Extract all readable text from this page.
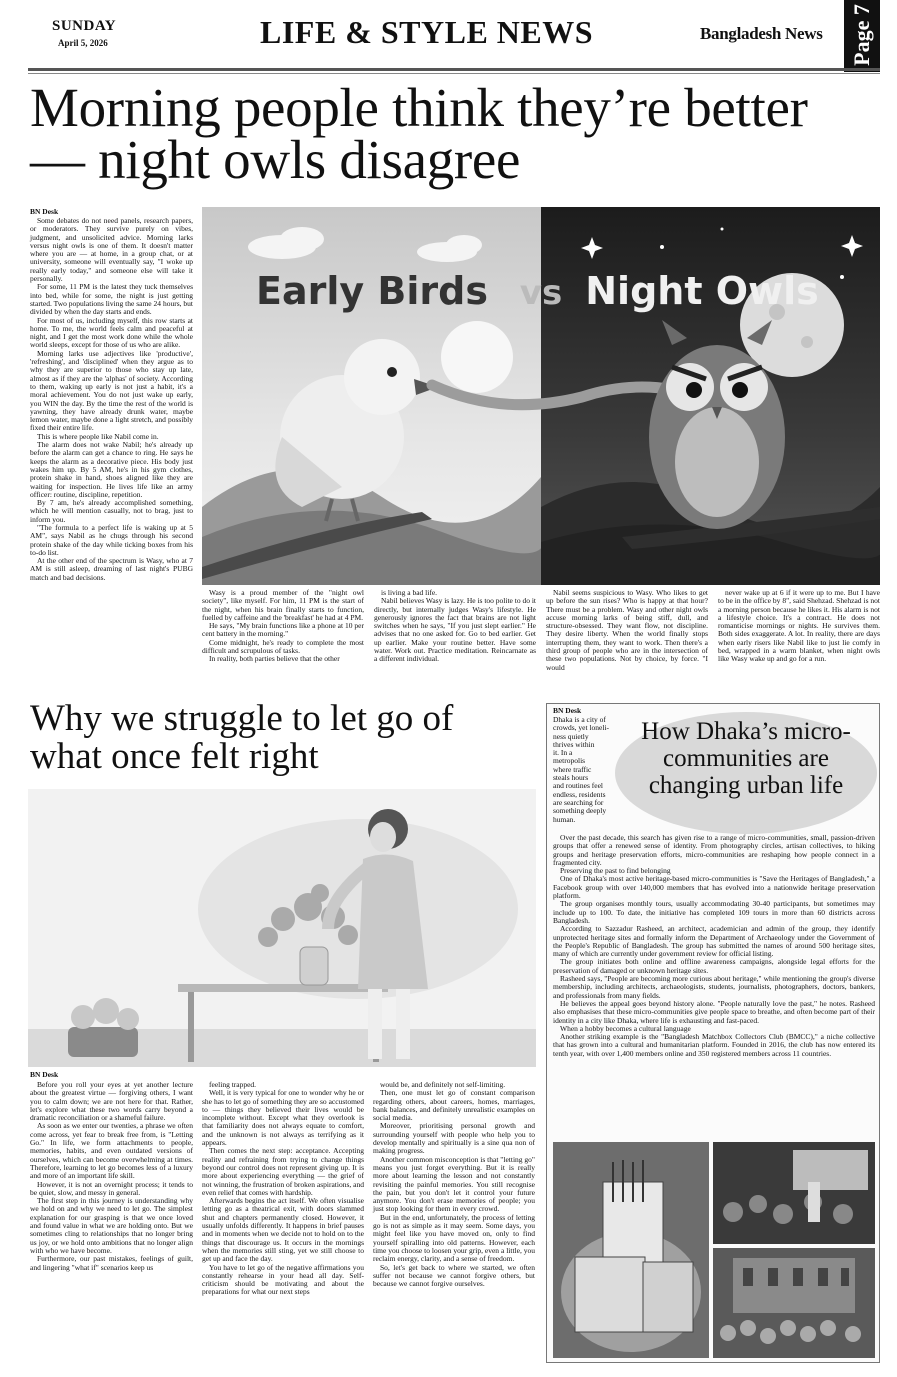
SUNDAY
April 5, 2026	LIFE & STYLE NEWS	Bangladesh News Page 7
Morning people think they’re better — night owls disagree
BN Desk

Some debates do not need panels, research papers, or moderators. They survive purely on vibes, judgment, and unsolicited advice. Morning larks versus night owls is one of them. It doesn't matter where you are — at home, in a group chat, or at university, someone will eventually say, "I woke up really early today," and someone else will take it personally.

For some, 11 PM is the latest they tuck themselves into bed, while for some, the night is just getting started. Two populations living the same 24 hours, but divided by when the day starts and ends.

For most of us, including myself, this row starts at home. To me, the world feels calm and peaceful at night, and I get the most work done while the whole world sleeps, except for those of us who are alike.

Morning larks use adjectives like 'productive', 'refreshing', and 'disciplined' when they argue as to why they are superior to those who stay up late, almost as if they are the 'alphas' of society. According to them, waking up early is not just a habit, it's a moral achievement. You do not just wake up early, you WIN the day. By the time the rest of the world is yawning, they have already drunk water, maybe lemon water, maybe done a light stretch, and possibly fixed their entire life.

This is where people like Nabil come in.

The alarm does not wake Nabil; he's already up before the alarm can get a chance to ring. He says he keeps the alarm as a decorative piece. His body just wakes him up. By 5 AM, he's in his gym clothes, protein shake in hand, shoes aligned like they are waiting for inspection. He lives life like an army officer: routine, discipline, repetition.

By 7 am, he's already accomplished something, which he will mention casually, not to brag, just to inform you.

"The formula to a perfect life is waking up at 5 AM", says Nabil as he chugs through his second protein shake of the day while ticking boxes from his to-do list.

At the other end of the spectrum is Wasy, who at 7 AM is still asleep, dreaming of last night's PUBG match and bad decisions.

Wasy is a proud member of the "night owl society", like myself. For him, 11 PM is the start of the night, when his brain finally starts to function, fuelled by caffeine and the 'breakfast' he had at 4 PM.

He says, "My brain functions like a phone at 10 per cent battery in the morning."

Come midnight, he's ready to complete the most difficult and scrupulous of tasks.

In reality, both parties believe that the other

is living a bad life.

Nabil believes Wasy is lazy. He is too polite to do it directly, but internally judges Wasy's lifestyle. He generously ignores the fact that brains are not light switches when he says, "If you just slept earlier." He advises that no one asked for. Go to bed earlier. Get up earlier. Make your routine better. Have some water. Work out. Practice meditation. Reincarnate as a different individual.

Nabil seems suspicious to Wasy. Who likes to get up before the sun rises? Who is happy at that hour? There must be a problem. Wasy and other night owls accuse morning larks of being stiff, dull, and structure-obsessed. They want flow, not discipline. They desire liberty. When the world finally stops interrupting them, they want to work. Then there's a third group of people who are in the intersection of these two populations. Not by choice, by force. "I would

never wake up at 6 if it were up to me. But I have to be in the office by 8", said Shehzad. Shehzad is not a morning person because he likes it. His alarm is not a lifestyle choice. It's a contract. He does not romanticise mornings or nights. He survives them. Both sides exaggerate. A lot. In reality, there are days when early risers like Nabil like to just lie comfy in bed, wrapped in a warm blanket, when night owls like Wasy wake up and go for a run.

Early Birds vs Night Owls
Why we struggle to let go of what once felt right
BN Desk

Before you roll your eyes at yet another lecture about the greatest virtue — forgiving others, I want you to calm down; we are not here for that. Rather, let's explore what these two words carry beyond a dramatic reconciliation or a shameful failure.

As soon as we enter our twenties, a phrase we often come across, yet fear to break free from, is "Letting Go." In life, we form attachments to people, memories, habits, and even outdated versions of ourselves, which can become overwhelming at times. Therefore, learning to let go becomes less of a luxury and more of an important life skill.

However, it is not an overnight process; it tends to be quiet, slow, and messy in general.

The first step in this journey is understanding why we hold on and why we need to let go. The simplest explanation for our grasping is that we once loved and found value in what we are holding onto. But we sometimes cling to relationships that no longer bring us joy, or we hold onto ambitions that no longer align with who we have become.

Furthermore, our past mistakes, feelings of guilt, and lingering "what if" scenarios keep us

feeling trapped.

Well, it is very typical for one to wonder why he or she has to let go of something they are so accustomed to — things they believed their lives would be incomplete without. Except what they overlook is that familiarity does not always equate to comfort, and the unknown is not always as terrifying as it appears.

Then comes the next step: acceptance. Accepting reality and refraining from trying to change things beyond our control does not represent giving up. It is more about experiencing everything — the grief of not winning, the frustration of broken aspirations, and even relief that comes with hardship.

Afterwards begins the act itself. We often visualise letting go as a theatrical exit, with doors slammed shut and chapters permanently closed. However, it usually unfolds differently. It happens in brief pauses and in moments when we decide not to hold on to the things that discourage us. It occurs in the mornings when the memories still sting, yet we still choose to get up and face the day.

You have to let go of the negative affirmations you constantly rehearse in your head all day. Self-criticism should be motivating and about the preparations for what our next steps

would be, and definitely not self-limiting.

Then, one must let go of constant comparison regarding others, about careers, homes, marriages, bank balances, and definitely unrealistic examples on social media.

Moreover, prioritising personal growth and surrounding yourself with people who help you to develop mentally and spiritually is a sine qua non of making progress.

Another common misconception is that "letting go" means you just forget everything. But it is really more about learning the lesson and not constantly revisiting the painful memories. You still recognise the pain, but you don't let it control your future anymore. You don't erase memories of people; you just stop looking for them in every crowd.

But in the end, unfortunately, the process of letting go is not as simple as it may seem. Some days, you might feel like you have moved on, only to find yourself spiralling into old patterns. However, each time you choose to loosen your grip, even a little, you reclaim energy, clarity, and a sense of freedom.

So, let's get back to where we started, we often suffer not because we cannot forgive others, but because we cannot forgive ourselves.

BN Desk
How Dhaka’s micro-communities are changing urban life
Dhaka is a city of
crowds, yet loneli-
ness quietly
thrives within
it. In a
metropolis
where traffic
steals hours
and routines feel
endless, residents
are searching for
something deeply human.

Over the past decade, this search has given rise to a range of micro-communities, small, passion-driven groups that offer a renewed sense of identity. From photography circles, artisan collectives, to hiking groups and heritage preservation efforts, micro-communities are reshaping how people connect in a fragmented city.

Preserving the past to find belonging

One of Dhaka's most active heritage-based micro-communities is "Save the Heritages of Bangladesh," a Facebook group with over 140,000 members that has evolved into a nationwide heritage preservation platform.

The group organises monthly tours, usually accommodating 30-40 participants, but sometimes may include up to 100. To date, the initiative has completed 109 tours in more than 60 districts across Bangladesh.

According to Sazzadur Rasheed, an architect, academician and admin of the group, they identify unprotected heritage sites and formally inform the Department of Archaeology under the Government of the People's Republic of Bangladesh. The group has submitted the names of around 500 heritage sites, many of which are currently under government review for official listing.

The group initiates both online and offline awareness campaigns, alongside legal efforts for the preservation of damaged or unknown heritage sites.

Rasheed says, "People are becoming more curious about heritage," while mentioning the group's diverse membership, including architects, archaeologists, students, journalists, photographers, doctors, bankers, and professionals from many fields.

He believes the appeal goes beyond history alone. "People naturally love the past," he notes. Rasheed also emphasises that these micro-communities give people space to breathe, and often become part of their identity in a city like Dhaka, where life is exhausting and fast-paced.

When a hobby becomes a cultural language

Another striking example is the "Bangladesh Matchbox Collectors Club (BMCC)," a niche collective that has grown into a cultural and humanitarian platform. Founded in 2016, the club has now entered its tenth year, with over 1,400 members online and 350 registered members across 11 countries.
